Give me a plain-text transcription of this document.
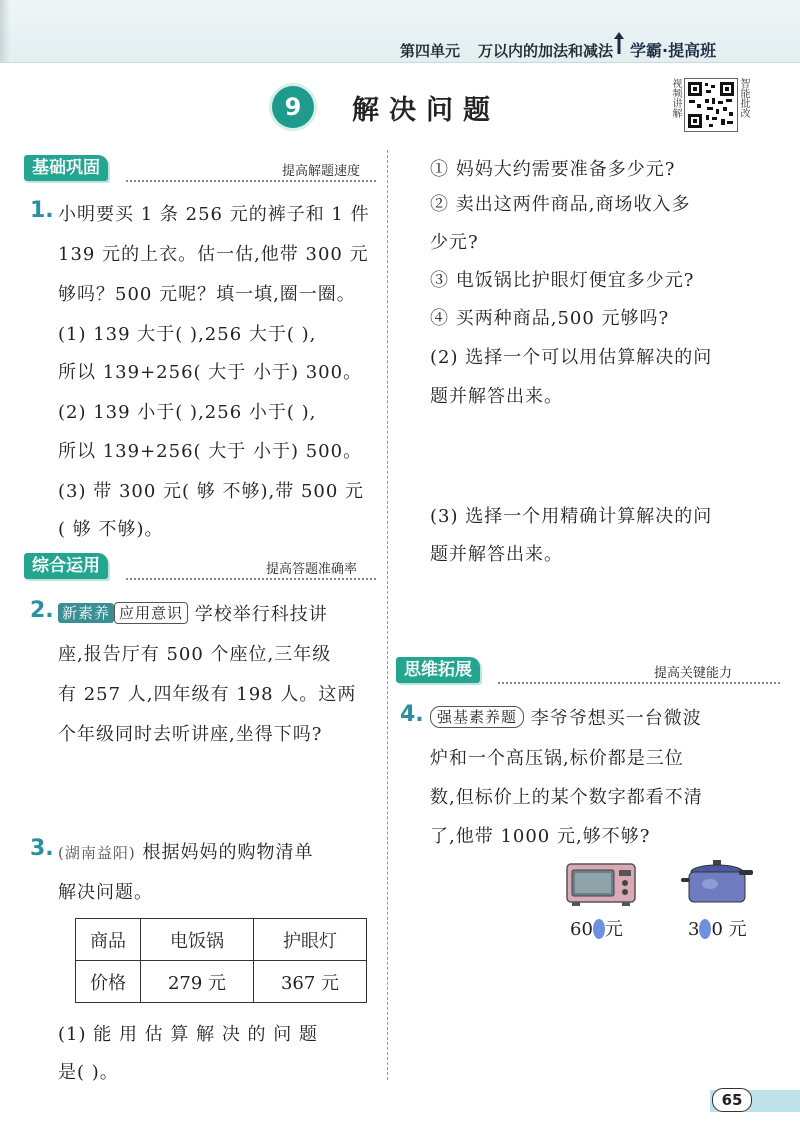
第四单元 万以内的加法和减法 学霸·提高班
9	解决问题	视频讲解	智能批改
基础巩固	提高解题速度
1. 小明要买 1 条 256 元的裤子和 1 件
139 元的上衣。估一估,他带 300 元
够吗？500 元呢？填一填,圈一圈。
(1) 139 大于( ),256 大于( ),
所以 139+256( 大于 小于) 300。
(2) 139 小于( ),256 小于( ),
所以 139+256( 大于 小于) 500。
(3) 带 300 元( 够 不够),带 500 元
( 够 不够)。
综合运用	提高答题准确率
2. 新素养 应用意识 学校举行科技讲
座,报告厅有 500 个座位,三年级
有 257 人,四年级有 198 人。这两
个年级同时去听讲座,坐得下吗?
3. (湖南益阳) 根据妈妈的购物清单
解决问题。
商品	电饭锅	护眼灯
价格	279 元	367 元
(1) 能 用 估 算 解 决 的 问 题
是( )。
① 妈妈大约需要准备多少元?
② 卖出这两件商品,商场收入多
少元?
③ 电饭锅比护眼灯便宜多少元?
④ 买两种商品,500 元够吗?
(2) 选择一个可以用估算解决的问
题并解答出来。
(3) 选择一个用精确计算解决的问
题并解答出来。
思维拓展	提高关键能力
4. 强基素养题 李爷爷想买一台微波
炉和一个高压锅,标价都是三位
数,但标价上的某个数字都看不清
了,他带 1000 元,够不够?
60 元	3 0 元
65
